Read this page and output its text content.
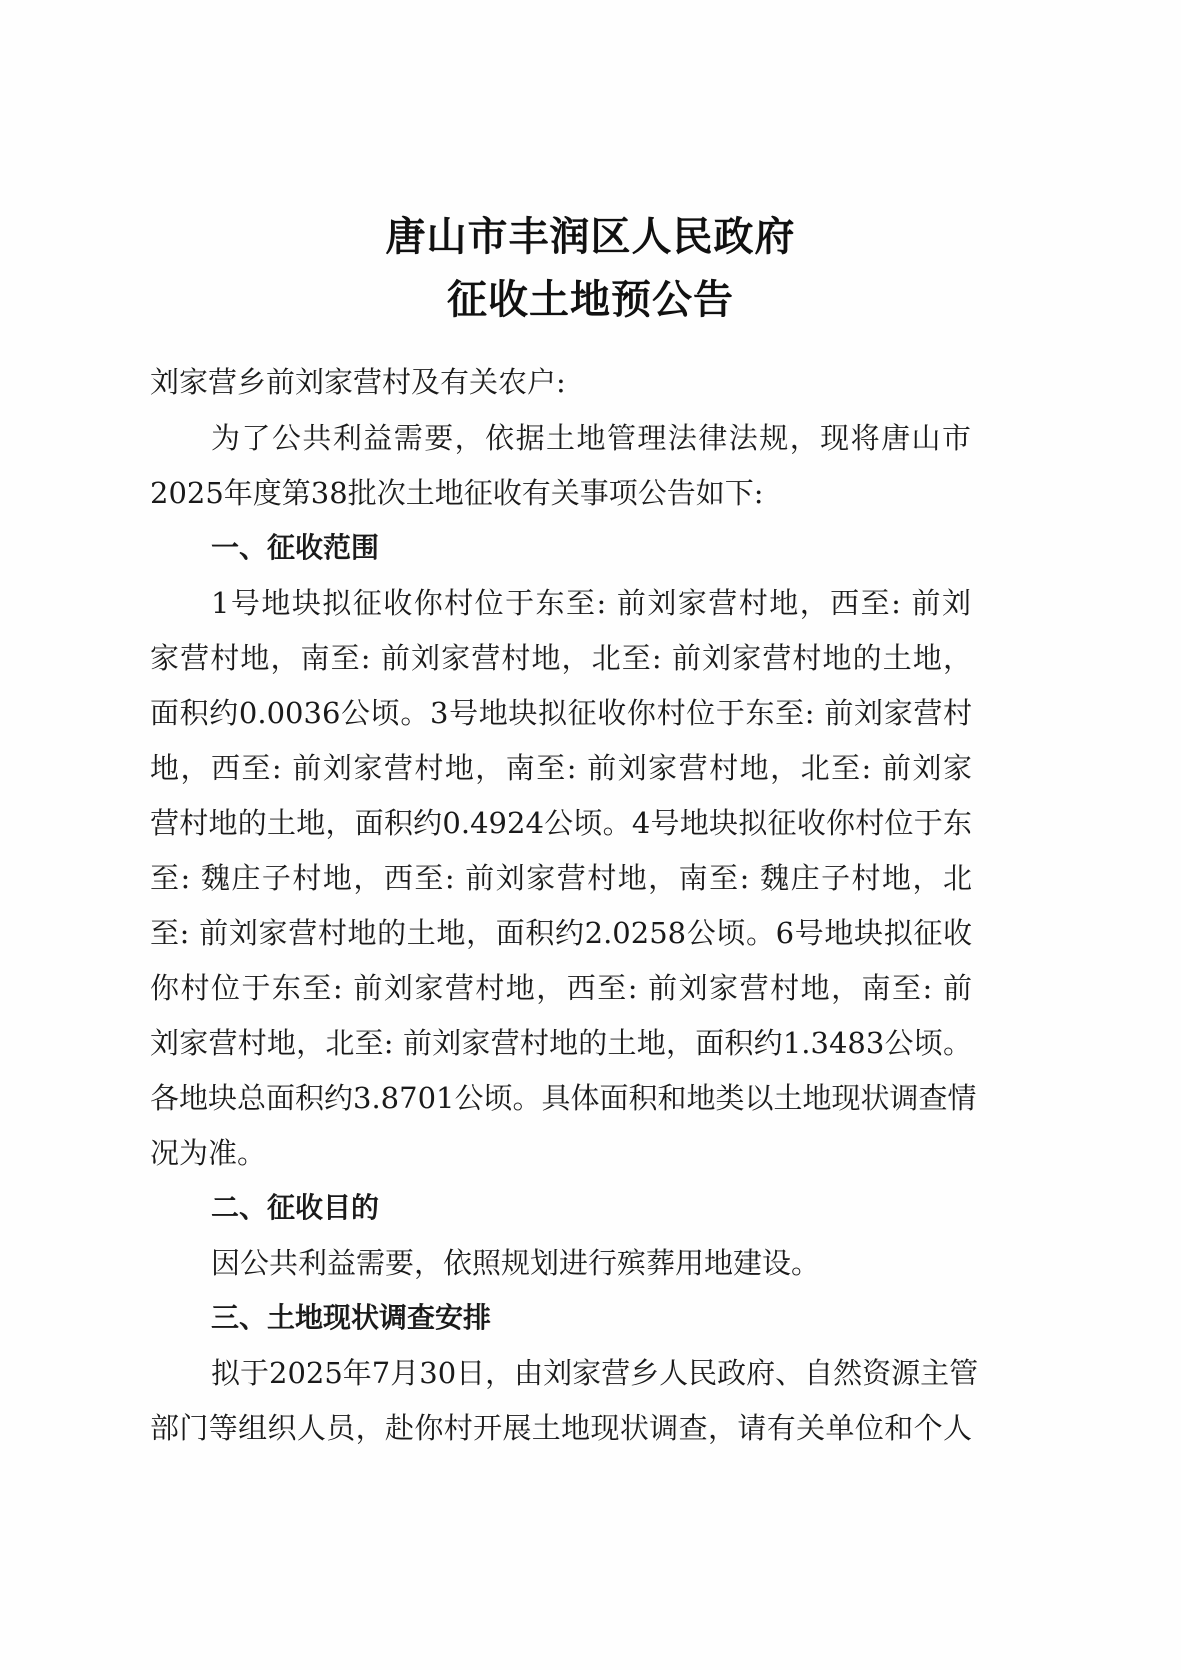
唐山市丰润区人民政府
征收土地预公告

刘家营乡前刘家营村及有关农户:

为了公共利益需要，依据土地管理法律法规，现将唐山市

2025年度第38批次土地征收有关事项公告如下:

一、征收范围

1号地块拟征收你村位于东至: 前刘家营村地，西至: 前刘

家营村地，南至: 前刘家营村地，北至: 前刘家营村地的土地，

面积约0.0036公顷。3号地块拟征收你村位于东至: 前刘家营村

地，西至: 前刘家营村地，南至: 前刘家营村地，北至: 前刘家

营村地的土地，面积约0.4924公顷。4号地块拟征收你村位于东

至: 魏庄子村地，西至: 前刘家营村地，南至: 魏庄子村地，北

至: 前刘家营村地的土地，面积约2.0258公顷。6号地块拟征收

你村位于东至: 前刘家营村地，西至: 前刘家营村地，南至: 前

刘家营村地，北至: 前刘家营村地的土地，面积约1.3483公顷。

各地块总面积约3.8701公顷。具体面积和地类以土地现状调查情

况为准。

二、征收目的

因公共利益需要，依照规划进行殡葬用地建设。

三、土地现状调查安排

拟于2025年7月30日，由刘家营乡人民政府、自然资源主管

部门等组织人员，赴你村开展土地现状调查，请有关单位和个人
